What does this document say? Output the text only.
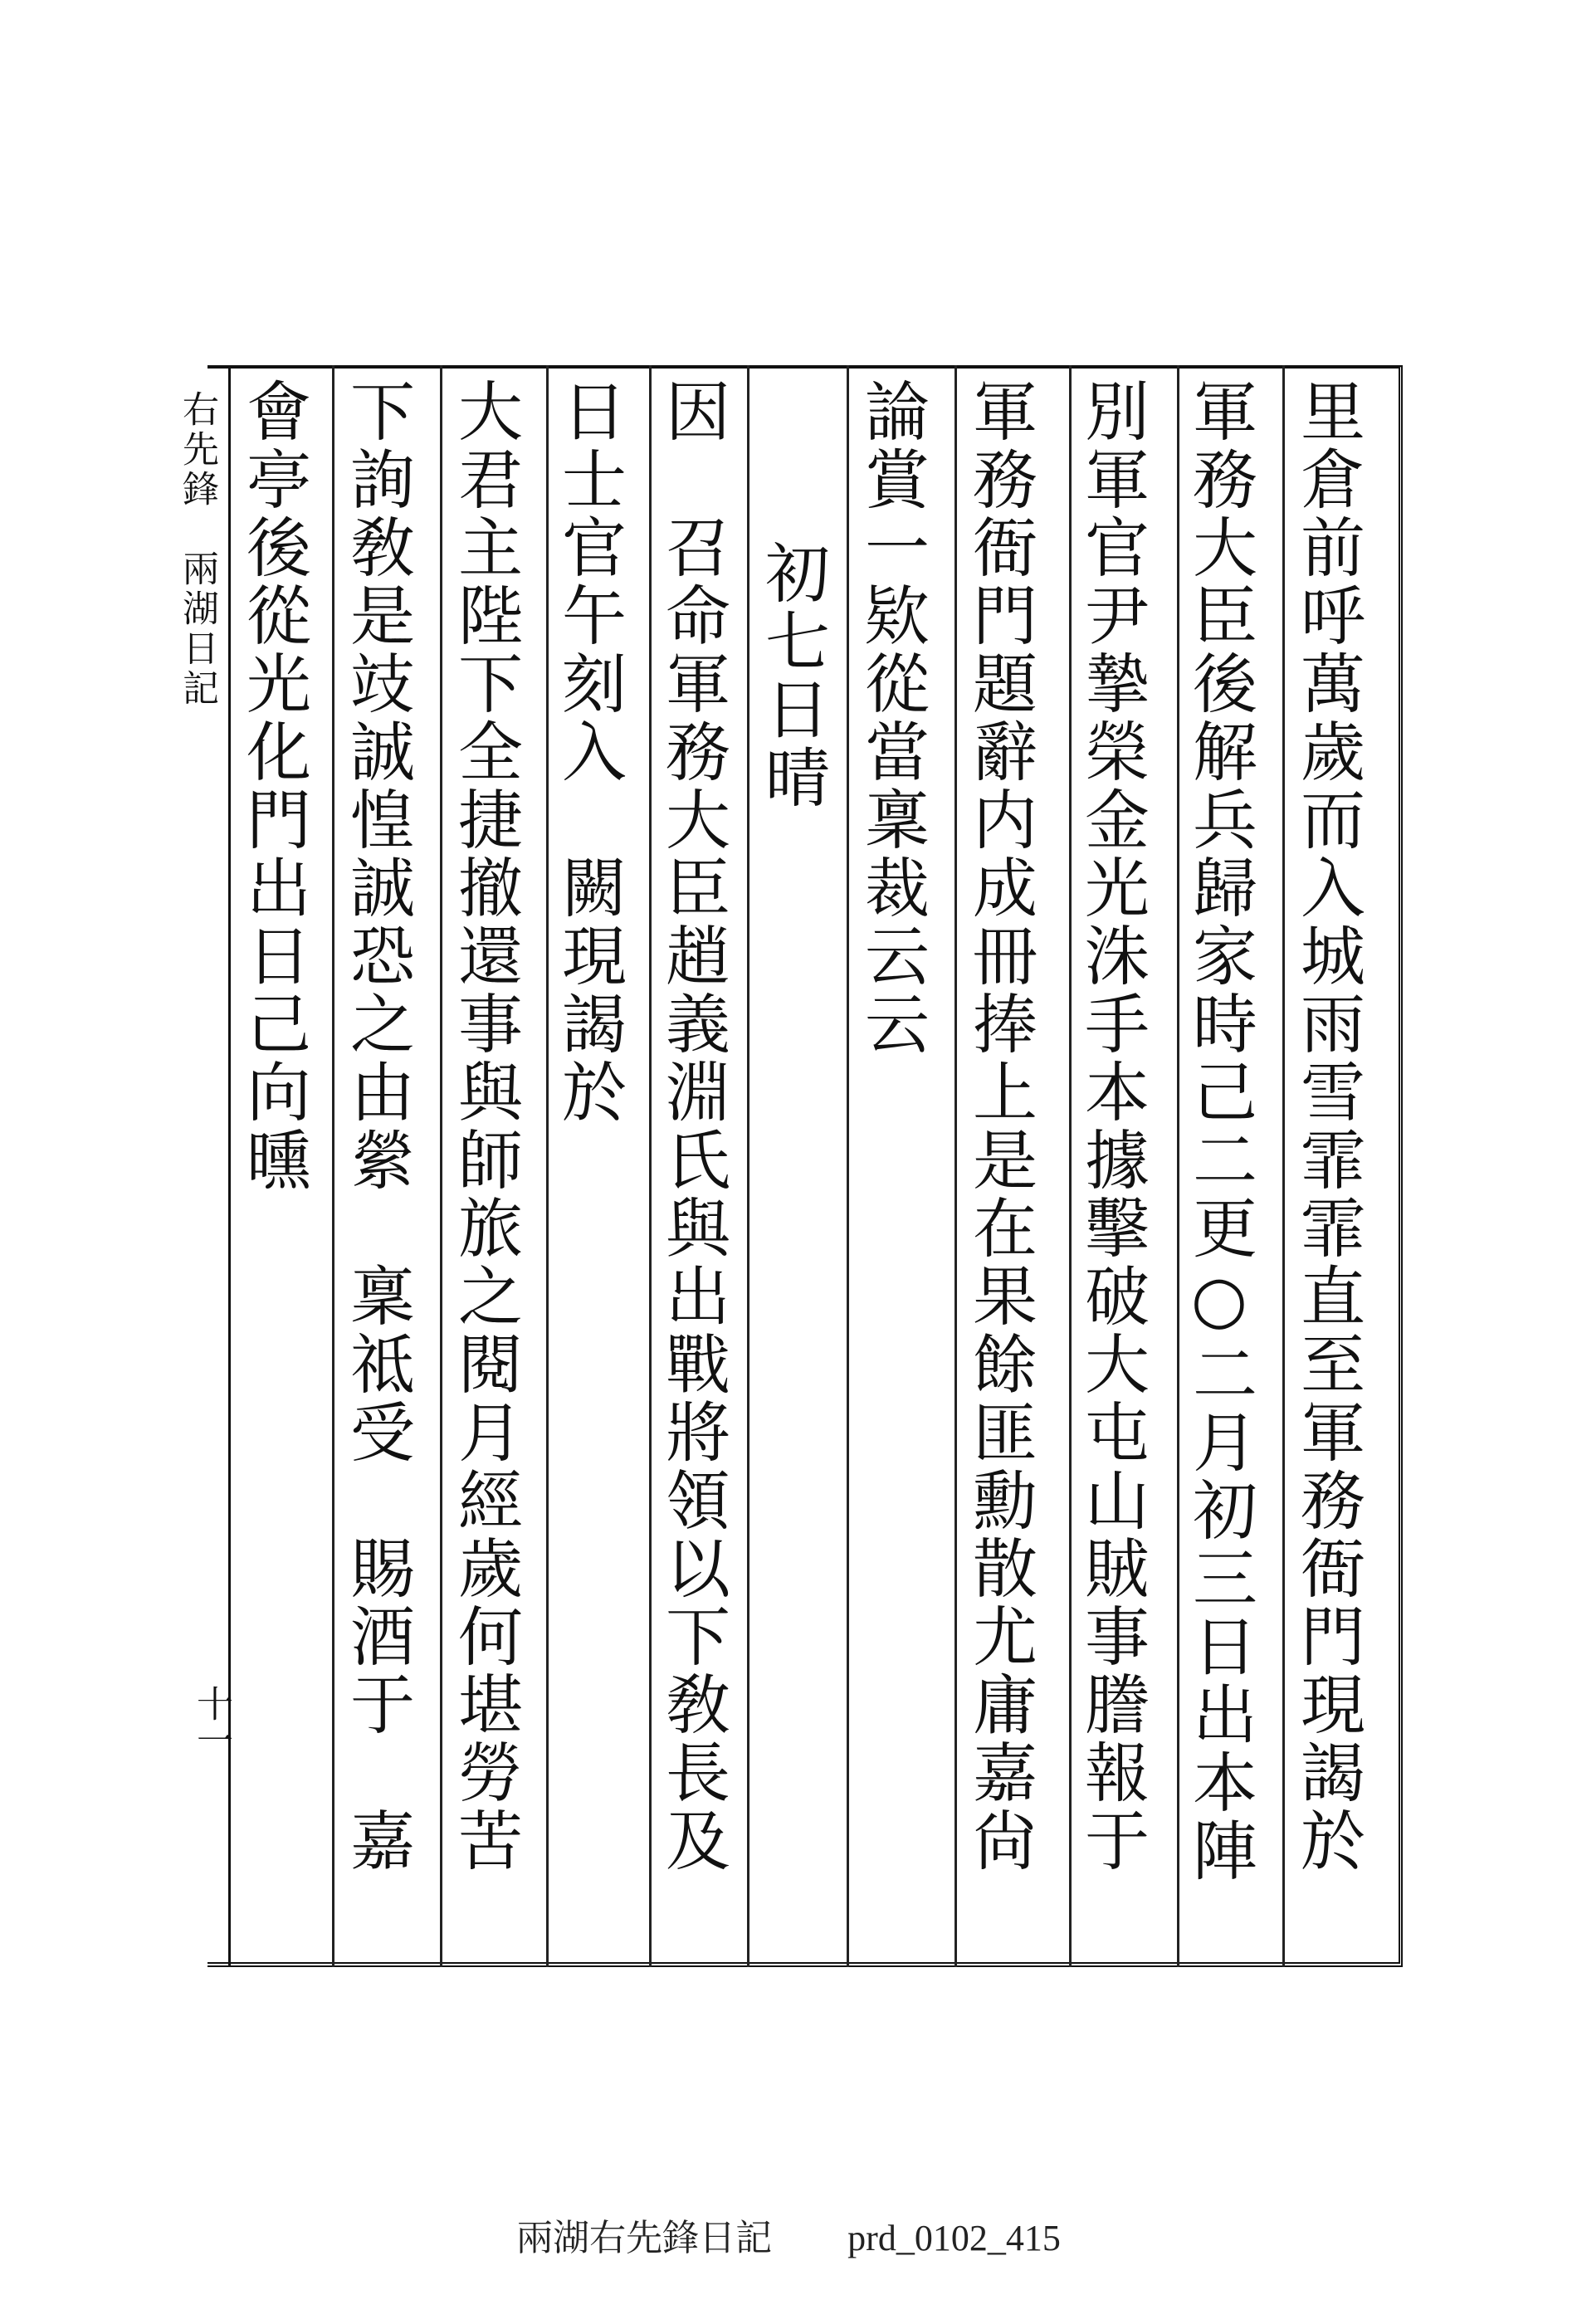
右先鋒　兩湖日記
十一	里倉前呼萬歲而入城雨雪霏霏直至軍務衙門現謁於
軍務大臣後解兵歸家時己二更○二月初三日出本陣
別軍官尹摯榮金光洙手本據擊破大屯山賊事謄報于
軍務衙門題辭内成冊捧上是在果餘匪勳散尤庸嘉尙
論賞一欵從當稟裁云云
初七日晴
因　召命軍務大臣趙義淵氏與出戰將領以下敎長及
日士官午刻入　闕現謁於
大君主陛下全捷撤還事與師旅之閱月經歲何堪勞苦
下詢敎是攱誠惶誠恐之由縈　稟祗受　賜酒于　嘉
會亭後從光化門出日己向曛
兩湖右先鋒日記 prd_0102_415
